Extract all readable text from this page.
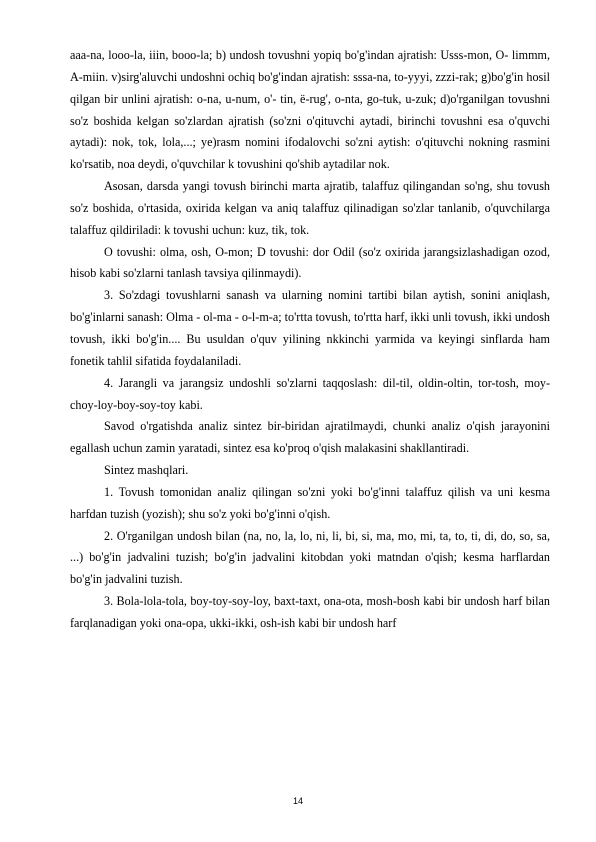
aaa-na, looo-la, iiin, booo-la; b) undosh tovushni yopiq bo'g'indan ajratish: Usss-mon, O- limmm, A-miin. v)sirg'aluvchi undoshni ochiq bo'g'indan ajratish: sssa-na, to-yyyi, zzzi-rak; g)bo'g'in hosil qilgan bir unlini ajratish: o-na, u-num, o'- tin, ë-rug', o-nta, go-tuk, u-zuk; d)o'rganilgan tovushni so'z boshida kelgan so'zlardan ajratish (so'zni o'qituvchi aytadi, birinchi tovushni esa o'quvchi aytadi): nok, tok, lola,...; ye)rasm nomini ifodalovchi so'zni aytish: o'qituvchi nokning rasmini ko'rsatib, noa deydi, o'quvchilar k tovushini qo'shib aytadilar nok.

Asosan, darsda yangi tovush birinchi marta ajratib, talaffuz qilingandan so'ng, shu tovush so'z boshida, o'rtasida, oxirida kelgan va aniq talaffuz qilinadigan so'zlar tanlanib, o'quvchilarga talaffuz qildiriladi: k tovushi uchun: kuz, tik, tok.

O tovushi: olma, osh, O-mon; D tovushi: dor Odil (so'z oxirida jarangsizlashadigan ozod, hisob kabi so'zlarni tanlash tavsiya qilinmaydi).

3. So'zdagi tovushlarni sanash va ularning nomini tartibi bilan aytish, sonini aniqlash, bo'g'inlarni sanash: Olma - ol-ma - o-l-m-a; to'rtta tovush, to'rtta harf, ikki unli tovush, ikki undosh tovush, ikki bo'g'in.... Bu usuldan o'quv yilining nkkinchi yarmida va keyingi sinflarda ham fonetik tahlil sifatida foydalaniladi.

4. Jarangli va jarangsiz undoshli so'zlarni taqqoslash: dil-til, oldin-oltin, tor-tosh, moy-choy-loy-boy-soy-toy kabi.

Savod o'rgatishda analiz sintez bir-biridan ajratilmaydi, chunki analiz o'qish jarayonini egallash uchun zamin yaratadi, sintez esa ko'proq o'qish malakasini shakllantiradi.

Sintez mashqlari.

1. Tovush tomonidan analiz qilingan so'zni yoki bo'g'inni talaffuz qilish va uni kesma harfdan tuzish (yozish); shu so'z yoki bo'g'inni o'qish.

2. O'rganilgan undosh bilan (na, no, la, lo, ni, li, bi, si, ma, mo, mi, ta, to, ti, di, do, so, sa, ...) bo'g'in jadvalini tuzish; bo'g'in jadvalini kitobdan yoki matndan o'qish; kesma harflardan bo'g'in jadvalini tuzish.

3. Bola-lola-tola, boy-toy-soy-loy, baxt-taxt, ona-ota, mosh-bosh kabi bir undosh harf bilan farqlanadigan yoki ona-opa, ukki-ikki, osh-ish kabi bir undosh harf

14
